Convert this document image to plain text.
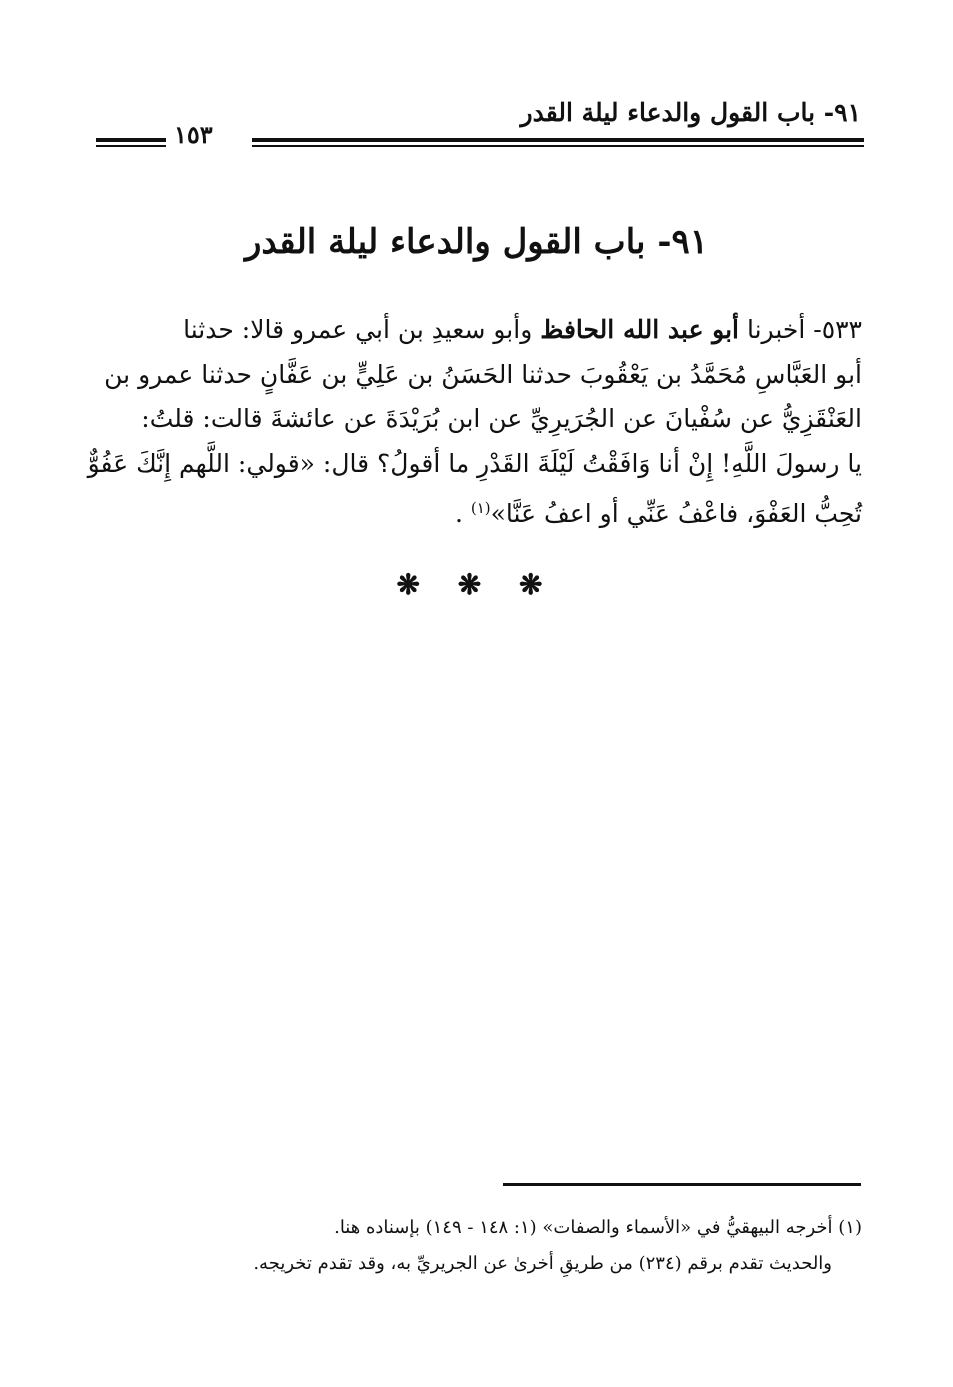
٩١- باب القول والدعاء ليلة القدر
١٥٣
٩١- باب القول والدعاء ليلة القدر
٥٣٣- أخبرنا أبو عبد الله الحافظ وأبو سعيدِ بن أبي عمرو قالا: حدثنا
أبو العَبَّاسِ مُحَمَّدُ بن يَعْقُوبَ حدثنا الحَسَنُ بن عَلِيٍّ بن عَفَّانٍ حدثنا عمرو بن
العَنْقَزِيُّ عن سُفْيانَ عن الجُرَيرِيِّ عن ابن بُرَيْدَةَ عن عائشةَ قالت: قلتُ:
يا رسولَ اللَّهِ! إِنْ أنا وَافَقْتُ لَيْلَةَ القَدْرِ ما أقولُ؟ قال: «قولي: اللَّهم إِنَّكَ عَفُوٌّ
تُحِبُّ العَفْوَ، فاعْفُ عَنِّي أو اعفُ عَنَّا»$^{(١)}$ .
❋ ❋ ❋
(١) أخرجه البيهقيُّ في «الأسماء والصفات» (١: ١٤٨ - ١٤٩) بإسناده هنا.
والحديث تقدم برقم (٢٣٤) من طريقِ أخرىٰ عن الجريريِّ به، وقد تقدم تخريجه.
